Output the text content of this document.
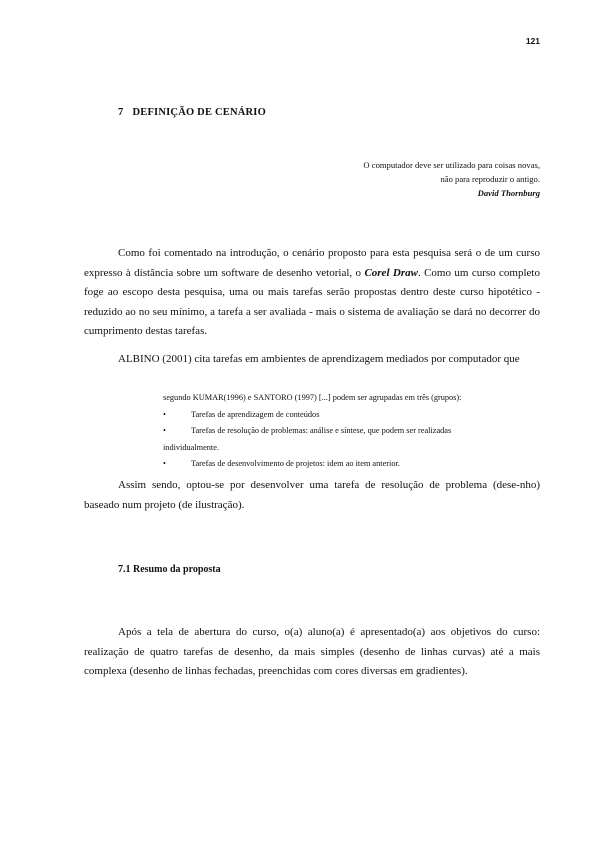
121
7 DEFINIÇÃO DE CENÁRIO
O computador deve ser utilizado para coisas novas,
não para reproduzir o antigo.
David Thornburg
Como foi comentado na introdução, o cenário proposto para esta pesquisa será o de um curso expresso à distância sobre um software de desenho vetorial, o Corel Draw. Como um curso completo foge ao escopo desta pesquisa, uma ou mais tarefas serão propostas dentro deste curso hipotético - reduzido ao no seu mínimo, a tarefa a ser avaliada - mais o sistema de avaliação se dará no decorrer do cumprimento destas tarefas.
ALBINO (2001) cita tarefas em ambientes de aprendizagem mediados por computador que
segundo KUMAR(1996) e SANTORO (1997) [...] podem ser agrupadas em três (grupos):
•	Tarefas de aprendizagem de conteúdos
•	Tarefas de resolução de problemas: análise e síntese, que podem ser realizadas
individualmente.
•	Tarefas de desenvolvimento de projetos: idem ao item anterior.
Assim sendo, optou-se por desenvolver uma tarefa de resolução de problema (dese-nho) baseado num projeto (de ilustração).
7.1 Resumo da proposta
Após a tela de abertura do curso, o(a) aluno(a) é apresentado(a) aos objetivos do curso: realização de quatro tarefas de desenho, da mais simples (desenho de linhas curvas) até a mais complexa (desenho de linhas fechadas, preenchidas com cores diversas em gradientes).
